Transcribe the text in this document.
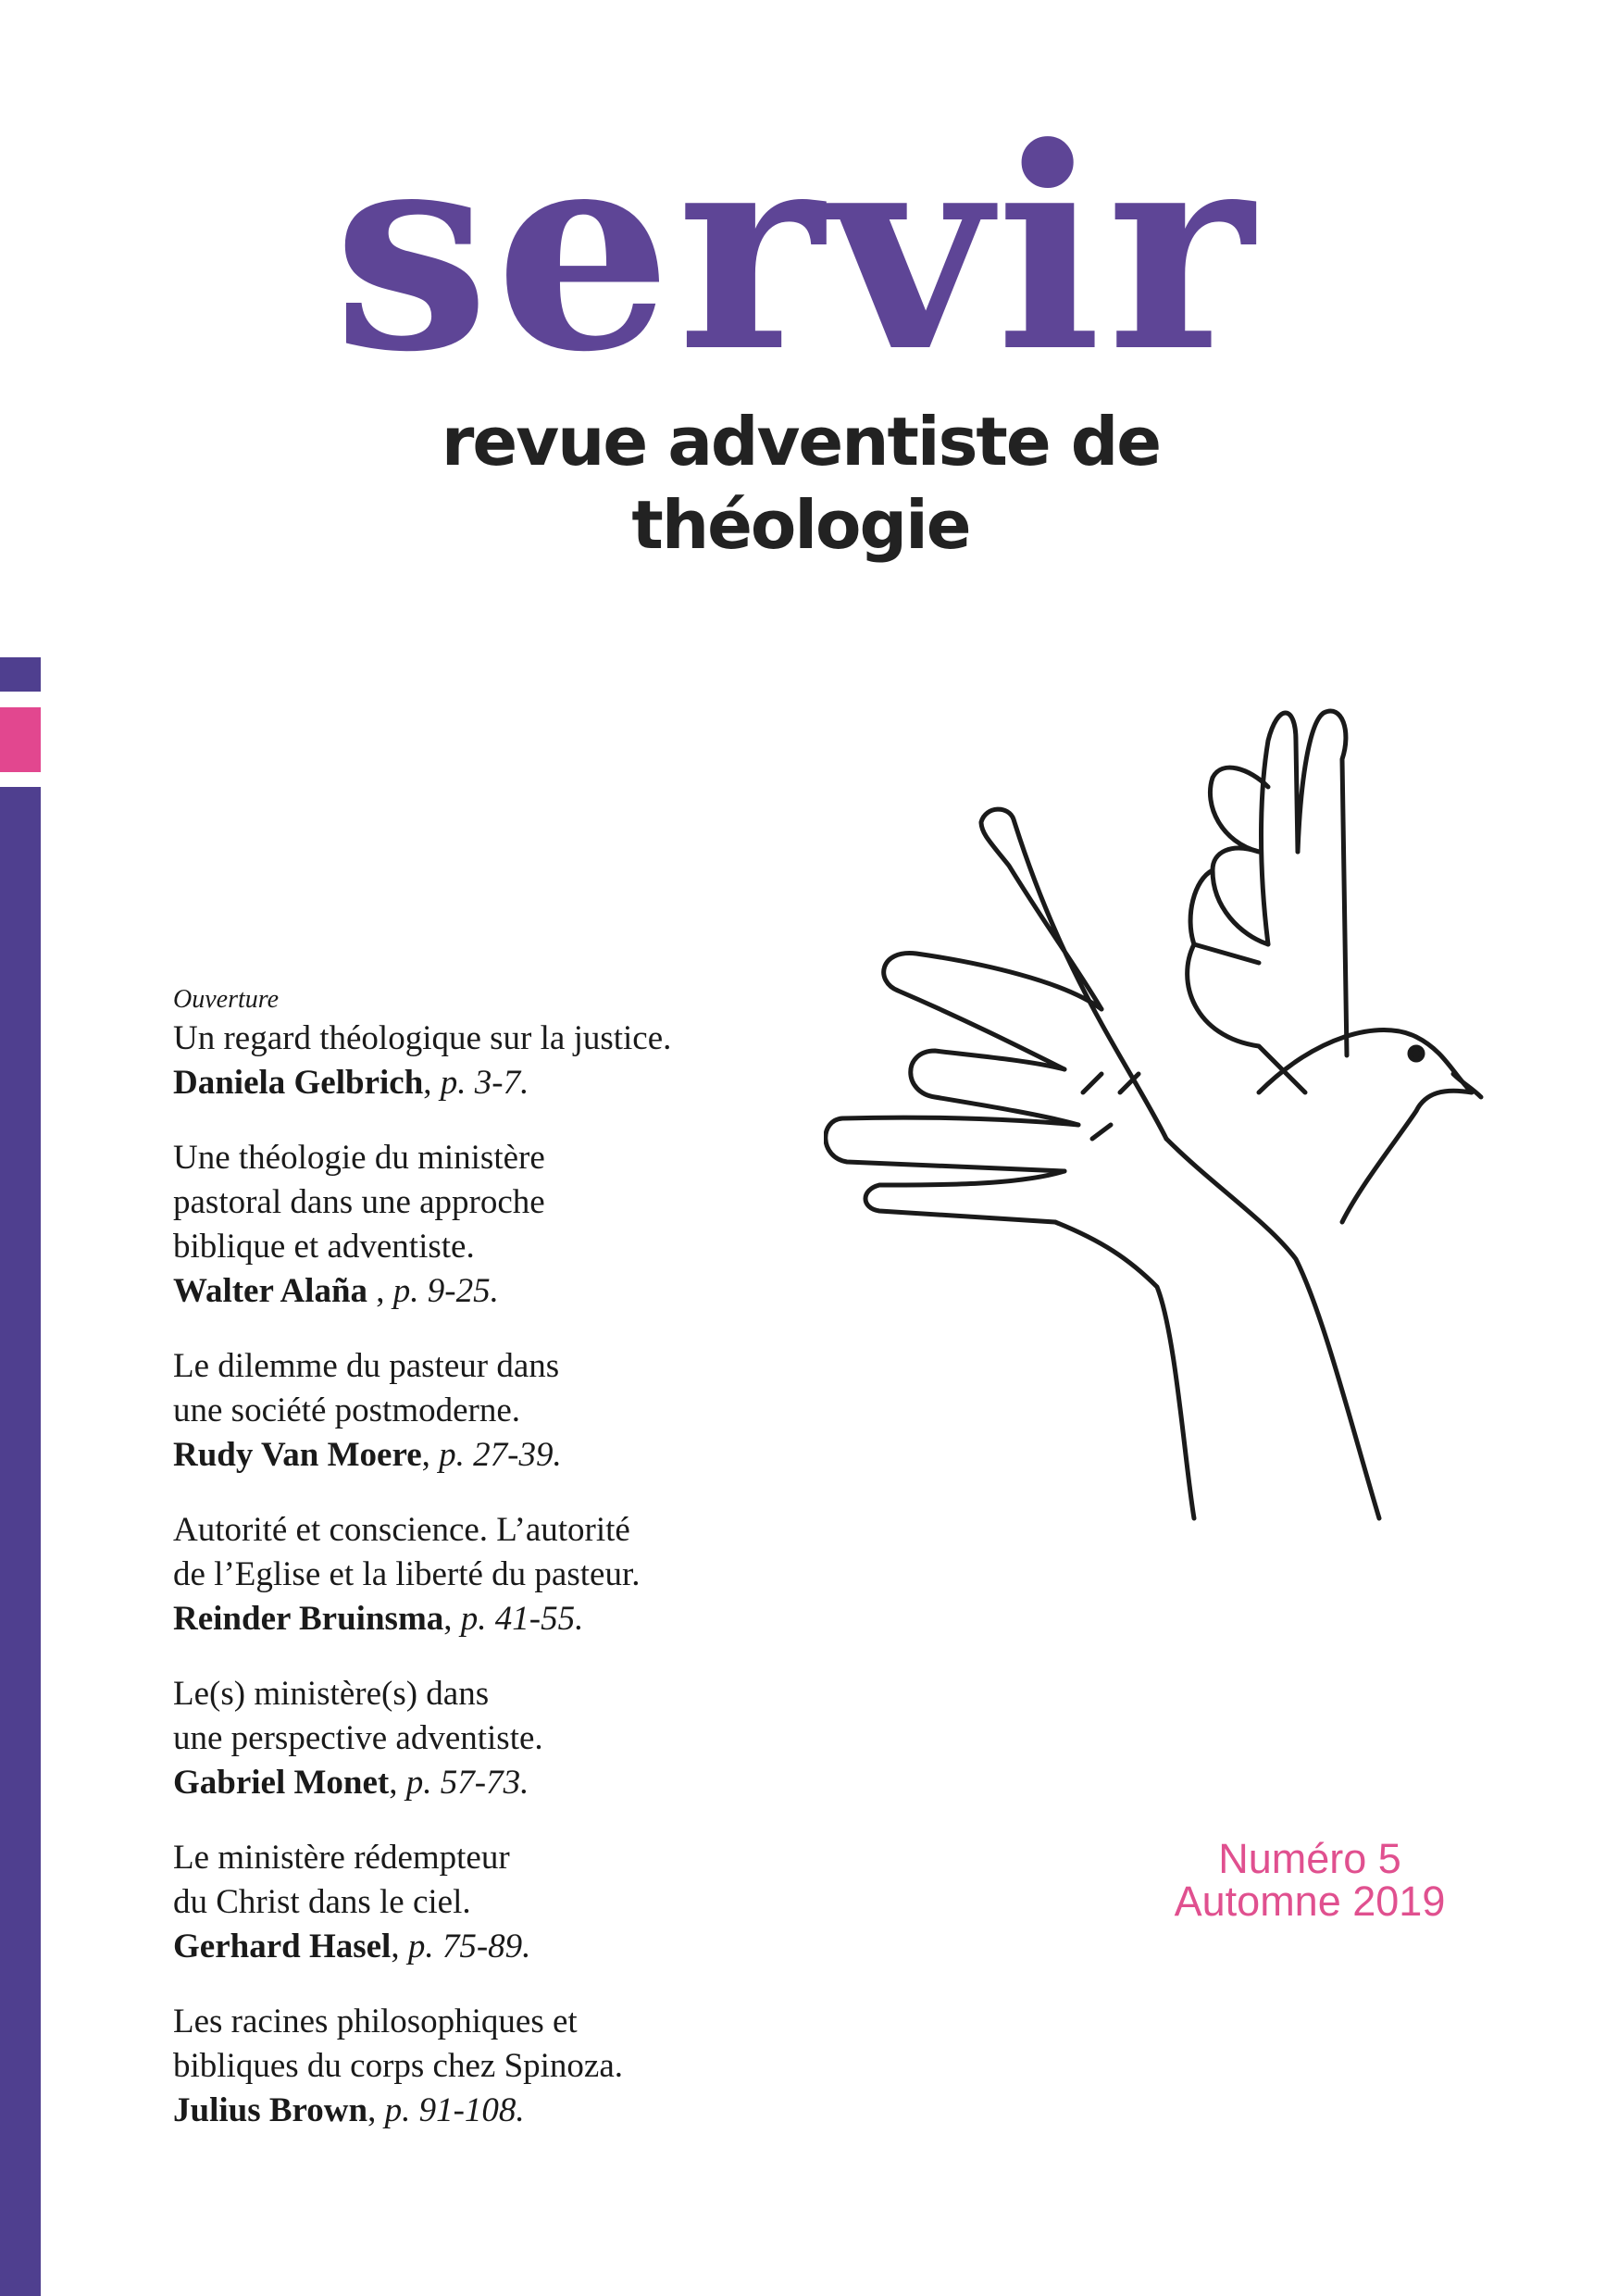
servir
revue adventiste de théologie
Ouverture
Un regard théologique sur la justice.
Daniela Gelbrich, p. 3-7.
Une théologie du ministère
pastoral dans une approche
biblique et adventiste.
Walter Alaña , p. 9-25.
Le dilemme du pasteur dans
une société postmoderne.
Rudy Van Moere, p. 27-39.
Autorité et conscience. L’autorité
de l’Eglise et la liberté du pasteur.
Reinder Bruinsma, p. 41-55.
Le(s) ministère(s) dans
une perspective adventiste.
Gabriel Monet, p. 57-73.
Le ministère rédempteur
du Christ dans le ciel.
Gerhard Hasel, p. 75-89.
Les racines philosophiques et
bibliques du corps chez Spinoza.
Julius Brown, p. 91-108.
Numéro 5
Automne 2019
